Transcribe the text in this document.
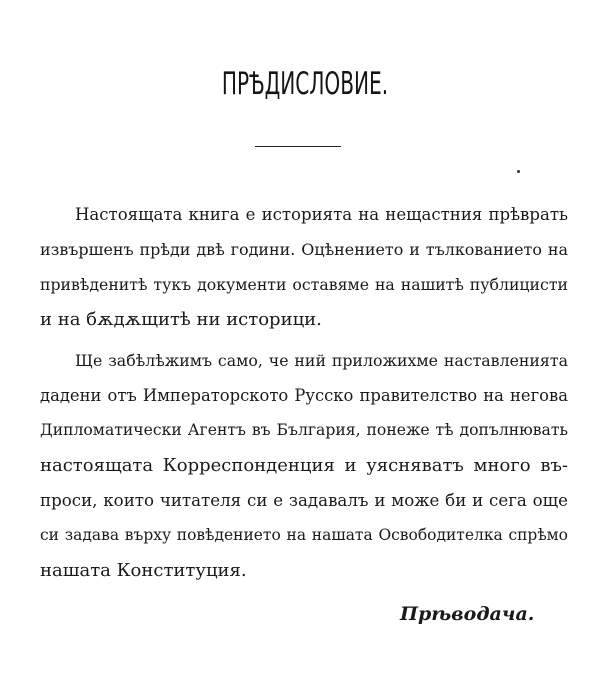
ПРѢДИСЛОВИЕ.
Настоящата книга е историята на нещастния прѣврать
извършенъ прѣди двѣ години. Оцѣнението и тълкованието на
привѣденитѣ тукъ документи оставяме на нашитѣ публицисти
и на бѫдѫщитѣ ни историци.
Ще забѣлѣжимъ само, че ний приложихме наставленията
дадени отъ Императорското Русско правителство на негова
Дипломатически Агентъ въ България, понеже тѣ допълнювать
настоящата Корреспонденция и уясняватъ много въ-
проси, които читателя си е задавалъ и може би и сега още
си задава върху повѣдението на нашата Освободителка спрѣмо
нашата Конституция.
Прѣводача.
